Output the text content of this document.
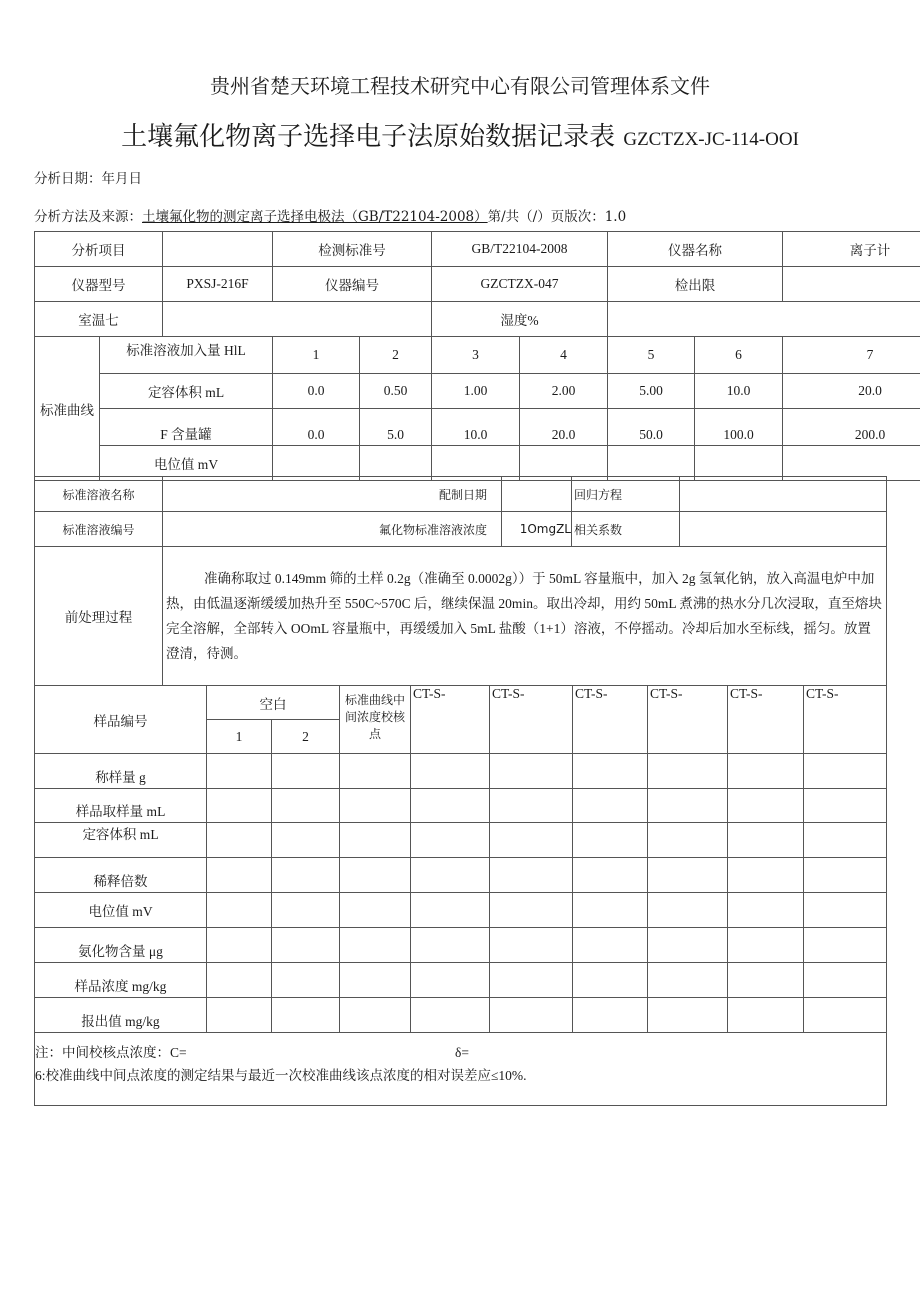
贵州省楚天环境工程技术研究中心有限公司管理体系文件
土壤氟化物离子选择电子法原始数据记录表 GZCTZX-JC-114-OOI
分析日期：年月日
分析方法及来源：土壤氟化物的测定离子选择电极法（GB/T22104-2008）第/共（/）页版次：1.0
分析项目			检测标准号		GB/T22104-2008		仪器名称		离子计
仪器型号		PXSJ-216F	仪器编号		GZCTZX-047		检出限		
室温七					湿度%				
标准曲线	标准溶液加入量 HlL		1	2	3	4	5	6	7
	定容体积 mL		0.0	0.50	1.00	2.00	5.00	10.0	20.0
	F 含量罐		0.0	5.0	10.0	20.0	50.0	100.0	200.0
	电位值 mV								
标准溶液名称	配制日期		回归方程	
标准溶液编号	氟化物标准溶液浓度	1OmgZL	相关系数	
前处理过程	准确称取过 0.149mm 筛的土样 0.2g（准确至 0.0002g））于 50mL 容量瓶中，加入 2g 氢氧化钠，放入高温电炉中加热，由低温逐渐缓缓加热升至 550C~570C 后，继续保温 20min。取出冷却，用约 50mL 煮沸的热水分几次浸取，直至熔块完全溶解，全部转入 OOmL 容量瓶中，再缓缓加入 5mL 盐酸（1+1）溶液，不停摇动。冷却后加水至标线，摇匀。放置澄清，待测。
样品编号	空白		标准曲线中间浓度校核点	CT-S-	CT-S-	CT-S-	CT-S-	CT-S-	CT-S-
	1	2							
称样量 g									
样品取样量 mL									
定容体积 mL									
稀释倍数									
电位值 mV									
氨化物含量 μg									
样品浓度 mg/kg									
报出值 mg/kg									

注：中间校核点浓度：C= δ=
6:校准曲线中间点浓度的测定结果与最近一次校准曲线该点浓度的相对误差应≤10%.									
